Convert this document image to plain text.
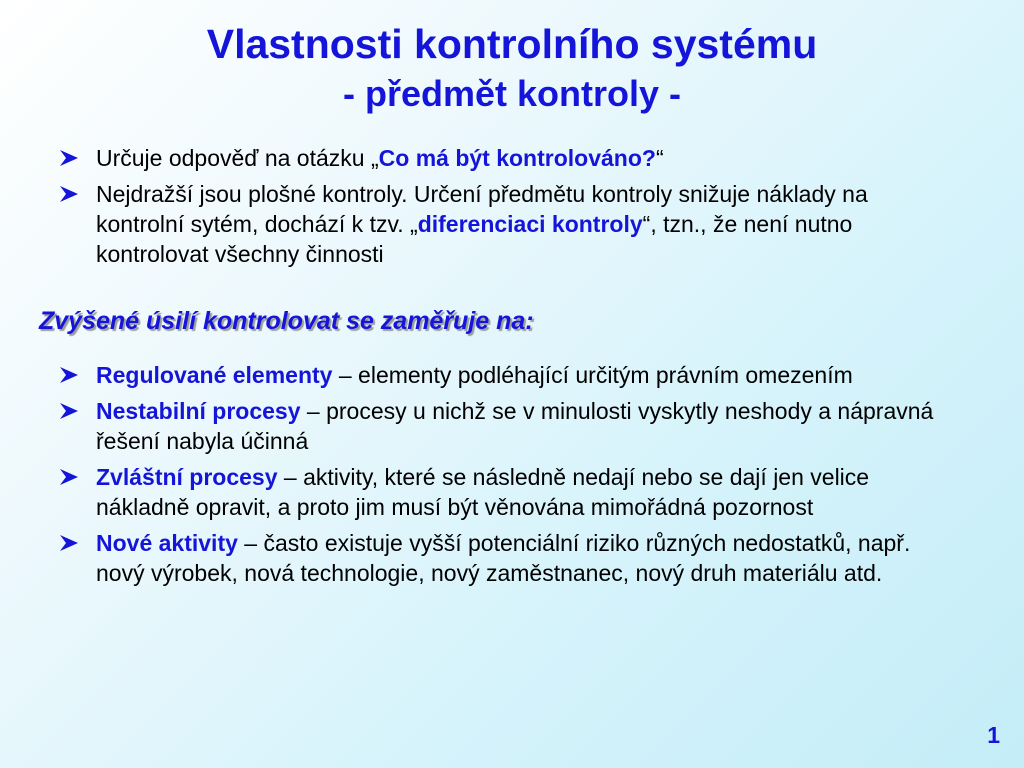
Vlastnosti kontrolního systému
- předmět kontroly -
Určuje odpověď na otázku „Co má být kontrolováno?“
Nejdražší jsou plošné kontroly. Určení předmětu kontroly snižuje náklady na kontrolní sytém, dochází k tzv. „diferenciaci kontroly“, tzn., že není nutno kontrolovat všechny činnosti
Zvýšené úsilí kontrolovat se zaměřuje na:
Regulované elementy – elementy podléhající určitým právním omezením
Nestabilní procesy – procesy u nichž se v minulosti vyskytly neshody a nápravná řešení nabyla účinná
Zvláštní procesy – aktivity, které se následně nedají nebo se dají jen velice nákladně opravit, a proto jim musí být věnována mimořádná pozornost
Nové aktivity – často existuje vyšší potenciální riziko různých nedostatků, např. nový výrobek, nová technologie, nový zaměstnanec, nový druh materiálu atd.
1
